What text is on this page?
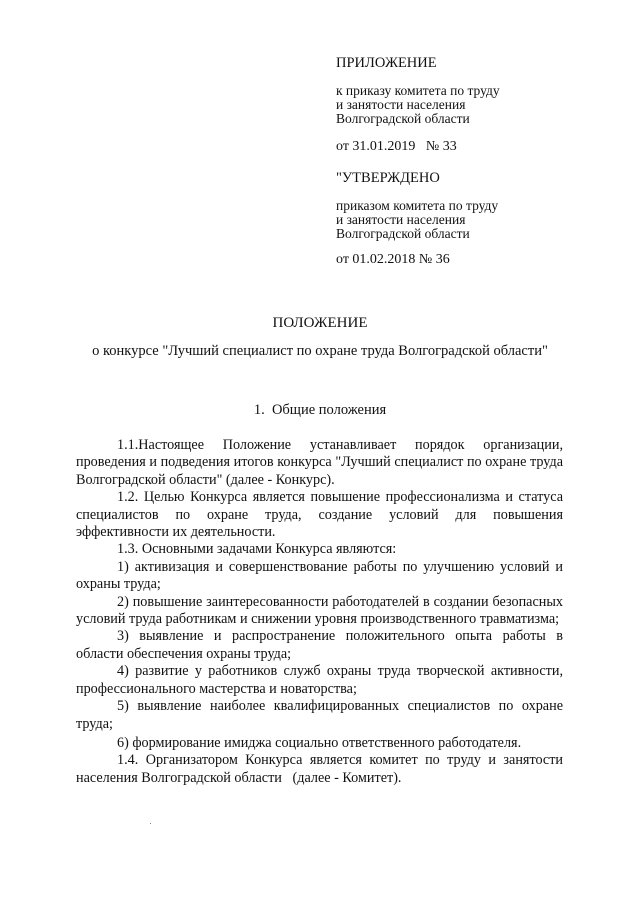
ПРИЛОЖЕНИЕ
к приказу комитета по труду
и занятости населения
Волгоградской области
от 31.01.2019   № 33
"УТВЕРЖДЕНО
приказом комитета по труду
и занятости населения
Волгоградской области
от 01.02.2018 № 36
ПОЛОЖЕНИЕ
о конкурсе "Лучший специалист по охране труда Волгоградской области"
1.  Общие положения

1.1.Настоящее Положение устанавливает порядок организации, проведения и подведения итогов конкурса "Лучший специалист по охране труда Волгоградской области" (далее - Конкурс).

1.2. Целью Конкурса является повышение профессионализма и статуса специалистов по охране труда, создание условий для повышения эффективности их деятельности.

1.3. Основными задачами Конкурса являются:

1) активизация и совершенствование работы по улучшению условий и охраны труда;

2) повышение заинтересованности работодателей в создании безопасных условий труда работникам и снижении уровня производственного травматизма;

3) выявление и распространение положительного опыта работы в области обеспечения охраны труда;

4) развитие у работников служб охраны труда творческой активности, профессионального мастерства и новаторства;

5) выявление наиболее квалифицированных специалистов по охране труда;

6) формирование имиджа социально ответственного работодателя.

1.4. Организатором Конкурса является комитет по труду и занятости населения Волгоградской области   (далее - Комитет).
